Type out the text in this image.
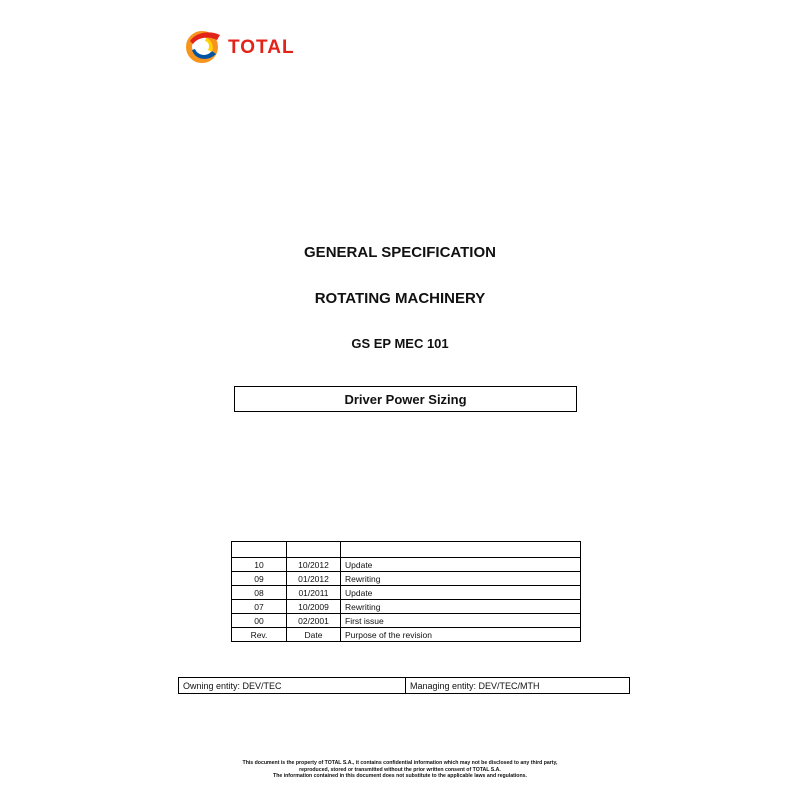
TOTAL
GENERAL SPECIFICATION
ROTATING MACHINERY
GS EP MEC 101
Driver Power Sizing

10	10/2012	Update
09	01/2012	Rewriting
08	01/2011	Update
07	10/2009	Rewriting
00	02/2001	First issue
Rev.	Date	Purpose of the revision
Owning entity: DEV/TEC	Managing entity: DEV/TEC/MTH
This document is the property of TOTAL S.A., it contains confidential information which may not be disclosed to any third party,
reproduced, stored or transmitted without the prior written consent of TOTAL S.A.
The information contained in this document does not substitute to the applicable laws and regulations.
